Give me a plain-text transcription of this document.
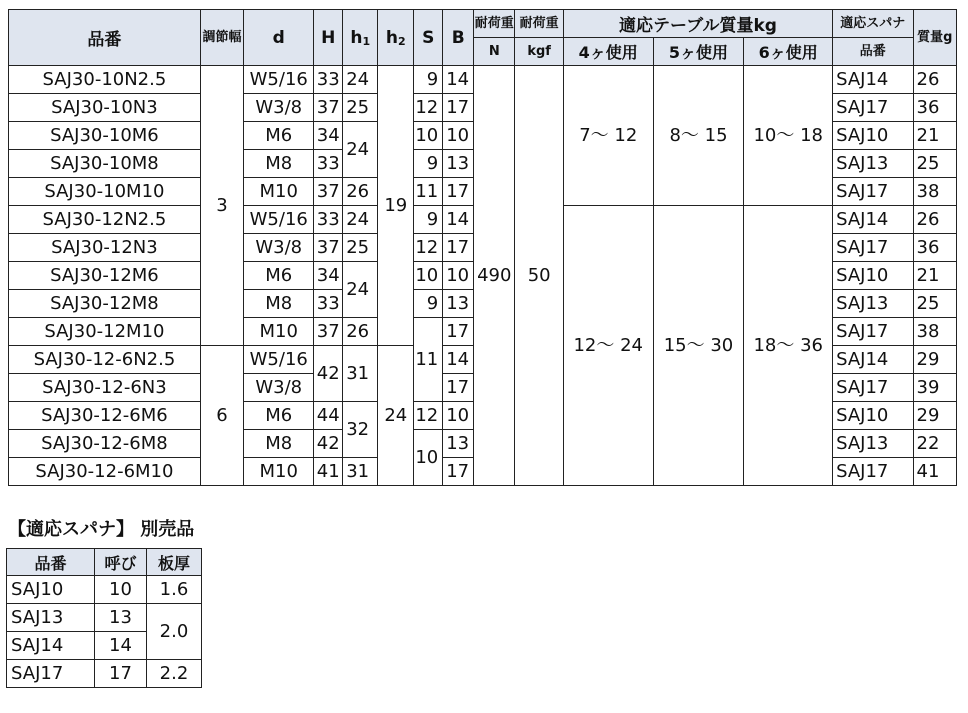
品番	調節幅	d	H	h1	h2	S	B	耐荷重	耐荷重	適応テーブル質量kg			適応スパナ	質量g
								N	kgf	4ヶ使用	5ヶ使用	6ヶ使用	品番	
SAJ30-10N2.5	3	W5/16	33	24	19	9	14	490	50	7～ 12	8～ 15	10～ 18	SAJ14	26
SAJ30-10N3		W3/8	37	25		12	17						SAJ17	36
SAJ30-10M6		M6	34	24		10	10						SAJ10	21
SAJ30-10M8		M8	33			9	13						SAJ13	25
SAJ30-10M10		M10	37	26		11	17						SAJ17	38
SAJ30-12N2.5		W5/16	33	24		9	14			12～ 24	15～ 30	18～ 36	SAJ14	26
SAJ30-12N3		W3/8	37	25		12	17						SAJ17	36
SAJ30-12M6		M6	34	24		10	10						SAJ10	21
SAJ30-12M8		M8	33			9	13						SAJ13	25
SAJ30-12M10		M10	37	26		11	17						SAJ17	38
SAJ30-12-6N2.5	6	W5/16	42	31	24		14						SAJ14	29
SAJ30-12-6N3		W3/8					17						SAJ17	39
SAJ30-12-6M6		M6	44	32		12	10						SAJ10	29
SAJ30-12-6M8		M8	42			10	13						SAJ13	22
SAJ30-12-6M10		M10	41	31			17						SAJ17	41

【適応スパナ】 別売品

品番	呼び	板厚
SAJ10	10	1.6
SAJ13	13	2.0
SAJ14	14	
SAJ17	17	2.2
